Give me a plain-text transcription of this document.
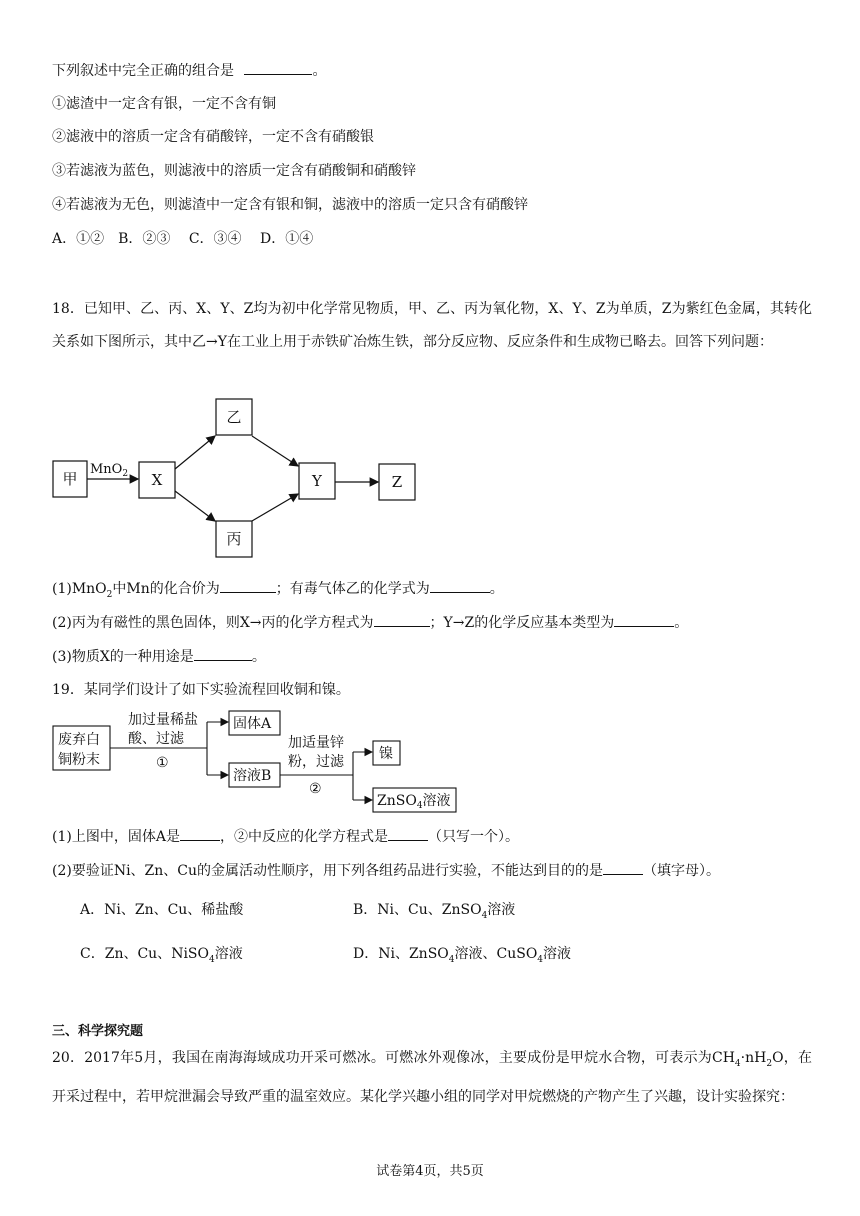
下列叙述中完全正确的组合是	。
①滤渣中一定含有银，一定不含有铜
②滤液中的溶质一定含有硝酸锌，一定不含有硝酸银
③若滤液为蓝色，则滤液中的溶质一定含有硝酸铜和硝酸锌
④若滤液为无色，则滤渣中一定含有银和铜，滤液中的溶质一定只含有硝酸锌
A．①②　B．②③　 C．③④　 D．①④
18．已知甲、乙、丙、X、Y、Z均为初中化学常见物质，甲、乙、丙为氧化物，X、Y、Z为单质，Z为紫红色金属，其转化关系如下图所示，其中乙→Y在工业上用于赤铁矿冶炼生铁，部分反应物、反应条件和生成物已略去。回答下列问题：
甲	X
乙
丙
Y	Z
MnO$_2$
废弃白
铜粉末
加过量稀盐
酸、过滤
①
固体A
溶液B
加适量锌
粉，过滤
②
镍
ZnSO$_4$溶液
(1)MnO$_2$中Mn的化合价为	；有毒气体乙的化学式为	。
(2)丙为有磁性的黑色固体，则X→丙的化学方程式为	；Y→Z的化学反应基本类型为	。
(3)物质X的一种用途是	。
19．某同学们设计了如下实验流程回收铜和镍。
(1)上图中，固体A是	，②中反应的化学方程式是	（只写一个）。
(2)要验证Ni、Zn、Cu的金属活动性顺序，用下列各组药品进行实验，不能达到目的的是	（填字母）。
A．Ni、Zn、Cu、稀盐酸	B．Ni、Cu、ZnSO$_4$溶液
C．Zn、Cu、NiSO$_4$溶液	D．Ni、ZnSO$_4$溶液、CuSO$_4$溶液
三、科学探究题
20．2017年5月，我国在南海海域成功开采可燃冰。可燃冰外观像冰，主要成份是甲烷水合物，可表示为$CH_4\cdot nH_2O$，在开采过程中，若甲烷泄漏会导致严重的温室效应。某化学兴趣小组的同学对甲烷燃烧的产物产生了兴趣，设计实验探究：
试卷第4页，共5页
